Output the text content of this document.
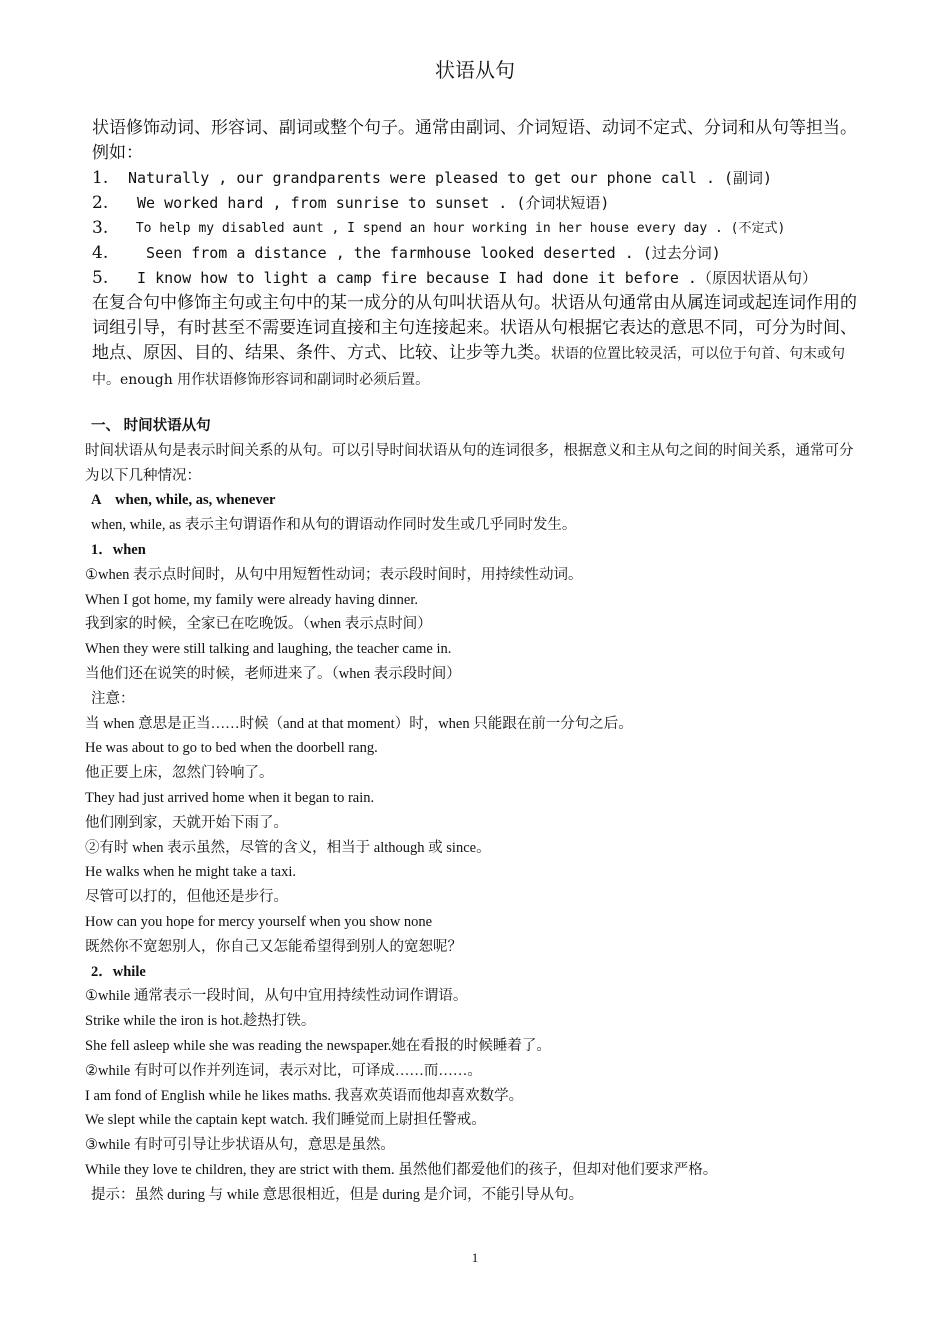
状语从句

状语修饰动词、形容词、副词或整个句子。通常由副词、介词短语、动词不定式、分词和从句等担当。例如：

1.	Naturally , our grandparents were pleased to get our phone call . (副词)
2.	We worked hard , from sunrise to sunset . (介词状短语)
3.	To help my disabled aunt , I spend an hour working in her house every day . (不定式)
4.	Seen from a distance , the farmhouse looked deserted . (过去分词)
5.	I know how to light a camp fire because I had done it before .（原因状语从句）

在复合句中修饰主句或主句中的某一成分的从句叫状语从句。状语从句通常由从属连词或起连词作用的词组引导，有时甚至不需要连词直接和主句连接起来。状语从句根据它表达的意思不同，可分为时间、地点、原因、目的、结果、条件、方式、比较、让步等九类。状语的位置比较灵活，可以位于句首、句末或句中。enough 用作状语修饰形容词和副词时必须后置。

一、 时间状语从句

时间状语从句是表示时间关系的从句。可以引导时间状语从句的连词很多，根据意义和主从句之间的时间关系，通常可分为以下几种情况：

A　when, while, as, whenever

when, while, as 表示主句谓语作和从句的谓语动作同时发生或几乎同时发生。

1．when

①when 表示点时间时，从句中用短暂性动词；表示段时间时，用持续性动词。

When I got home, my family were already having dinner.

我到家的时候，全家已在吃晚饭。（when 表示点时间）

When they were still talking and laughing, the teacher came in.

当他们还在说笑的时候，老师进来了。（when 表示段时间）

注意：

当 when 意思是正当……时候（and at that moment）时，when 只能跟在前一分句之后。

He was about to go to bed when the doorbell rang.

他正要上床，忽然门铃响了。

They had just arrived home when it began to rain.

他们刚到家，天就开始下雨了。

②有时 when 表示虽然，尽管的含义，相当于 although 或 since。

He walks when he might take a taxi.

尽管可以打的，但他还是步行。

How can you hope for mercy yourself when you show none

既然你不宽恕别人，你自己又怎能希望得到别人的宽恕呢？

2．while

①while 通常表示一段时间，从句中宜用持续性动词作谓语。

Strike while the iron is hot.趁热打铁。

She fell asleep while she was reading the newspaper.她在看报的时候睡着了。

②while 有时可以作并列连词，表示对比，可译成……而……。

I am fond of English while he likes maths. 我喜欢英语而他却喜欢数学。

We slept while the captain kept watch. 我们睡觉而上尉担任警戒。

③while 有时可引导让步状语从句，意思是虽然。

While they love te children, they are strict with them. 虽然他们都爱他们的孩子，但却对他们要求严格。

提示：虽然 during 与 while 意思很相近，但是 during 是介词，不能引导从句。

1
